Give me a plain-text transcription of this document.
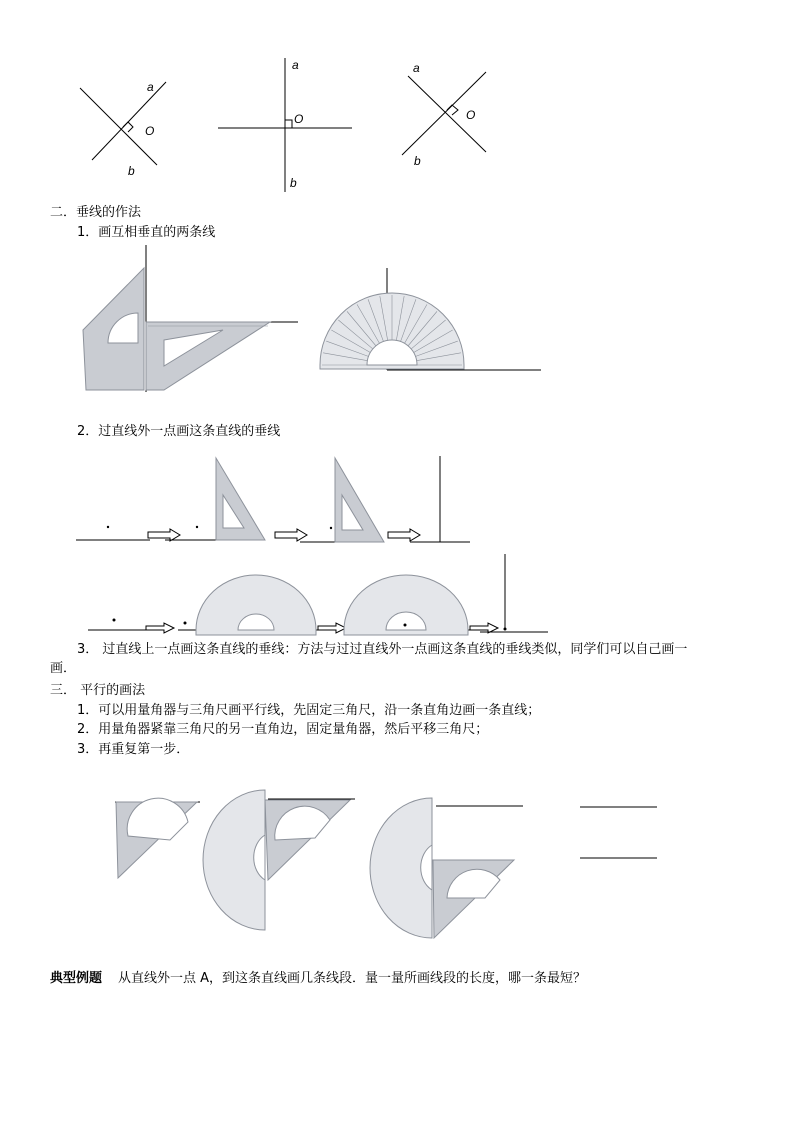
a
O
b
a
O
b
a
O
b
二．垂线的作法
1．画互相垂直的两条线
2．过直线外一点画这条直线的垂线
3． 过直线上一点画这条直线的垂线：方法与过过直线外一点画这条直线的垂线类似，同学们可以自己画一
画．
三． 平行的画法
1．可以用量角器与三角尺画平行线，先固定三角尺，沿一条直角边画一条直线；
2．用量角器紧靠三角尺的另一直角边，固定量角器，然后平移三角尺；
3．再重复第一步．
典型例题 从直线外一点 A，到这条直线画几条线段．量一量所画线段的长度，哪一条最短？
